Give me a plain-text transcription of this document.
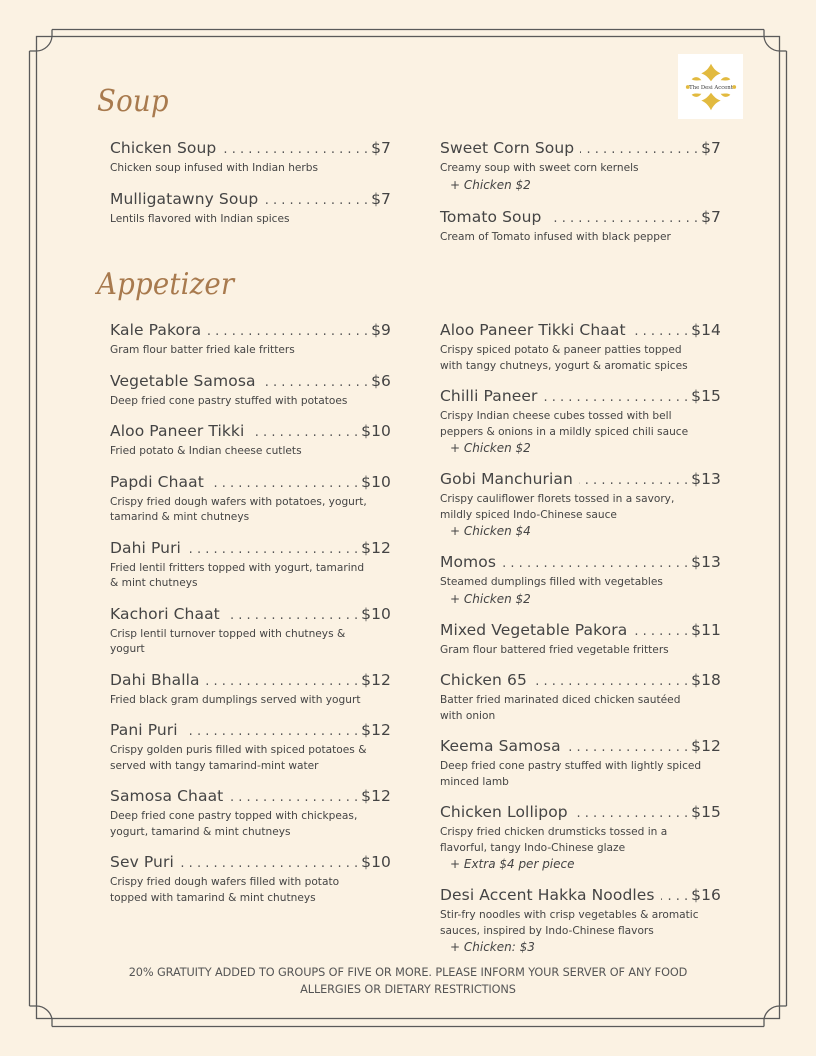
The Desi Accent
Soup
Chicken Soup . . .	$7
Chicken soup infused with Indian herbs
Mulligatawny Soup . . .	$7
Lentils flavored with Indian spices
Sweet Corn Soup . . .	$7
Creamy soup with sweet corn kernels
+ Chicken $2
Tomato Soup . . .	$7
Cream of Tomato infused with black pepper
Appetizer
Kale Pakora . . .	$9
Gram flour batter fried kale fritters
Vegetable Samosa . . .	$6
Deep fried cone pastry stuffed with potatoes
Aloo Paneer Tikki . . .	$10
Fried potato & Indian cheese cutlets
Papdi Chaat . . .	$10
Crispy fried dough wafers with potatoes, yogurt,
tamarind & mint chutneys
Dahi Puri . . .	$12
Fried lentil fritters topped with yogurt, tamarind
& mint chutneys
Kachori Chaat . . .	$10
Crisp lentil turnover topped with chutneys &
yogurt
Dahi Bhalla . . .	$12
Fried black gram dumplings served with yogurt
Pani Puri . . .	$12
Crispy golden puris filled with spiced potatoes &
served with tangy tamarind-mint water
Samosa Chaat . . .	$12
Deep fried cone pastry topped with chickpeas,
yogurt, tamarind & mint chutneys
Sev Puri . . .	$10
Crispy fried dough wafers filled with potato
topped with tamarind & mint chutneys
Aloo Paneer Tikki Chaat . . .	$14
Crispy spiced potato & paneer patties topped
with tangy chutneys, yogurt & aromatic spices
Chilli Paneer . . .	$15
Crispy Indian cheese cubes tossed with bell
peppers & onions in a mildly spiced chili sauce
+ Chicken $2
Gobi Manchurian . . .	$13
Crispy cauliflower florets tossed in a savory,
mildly spiced Indo-Chinese sauce
+ Chicken $4
Momos . . .	$13
Steamed dumplings filled with vegetables
+ Chicken $2
Mixed Vegetable Pakora . . .	$11
Gram flour battered fried vegetable fritters
Chicken 65 . . .	$18
Batter fried marinated diced chicken sautéed
with onion
Keema Samosa . . .	$12
Deep fried cone pastry stuffed with lightly spiced
minced lamb
Chicken Lollipop . . .	$15
Crispy fried chicken drumsticks tossed in a
flavorful, tangy Indo-Chinese glaze
+ Extra $4 per piece
Desi Accent Hakka Noodles . . . $16
Stir-fry noodles with crisp vegetables & aromatic
sauces, inspired by Indo-Chinese flavors
+ Chicken: $3
20% GRATUITY ADDED TO GROUPS OF FIVE OR MORE. PLEASE INFORM YOUR SERVER OF ANY FOOD
ALLERGIES OR DIETARY RESTRICTIONS
